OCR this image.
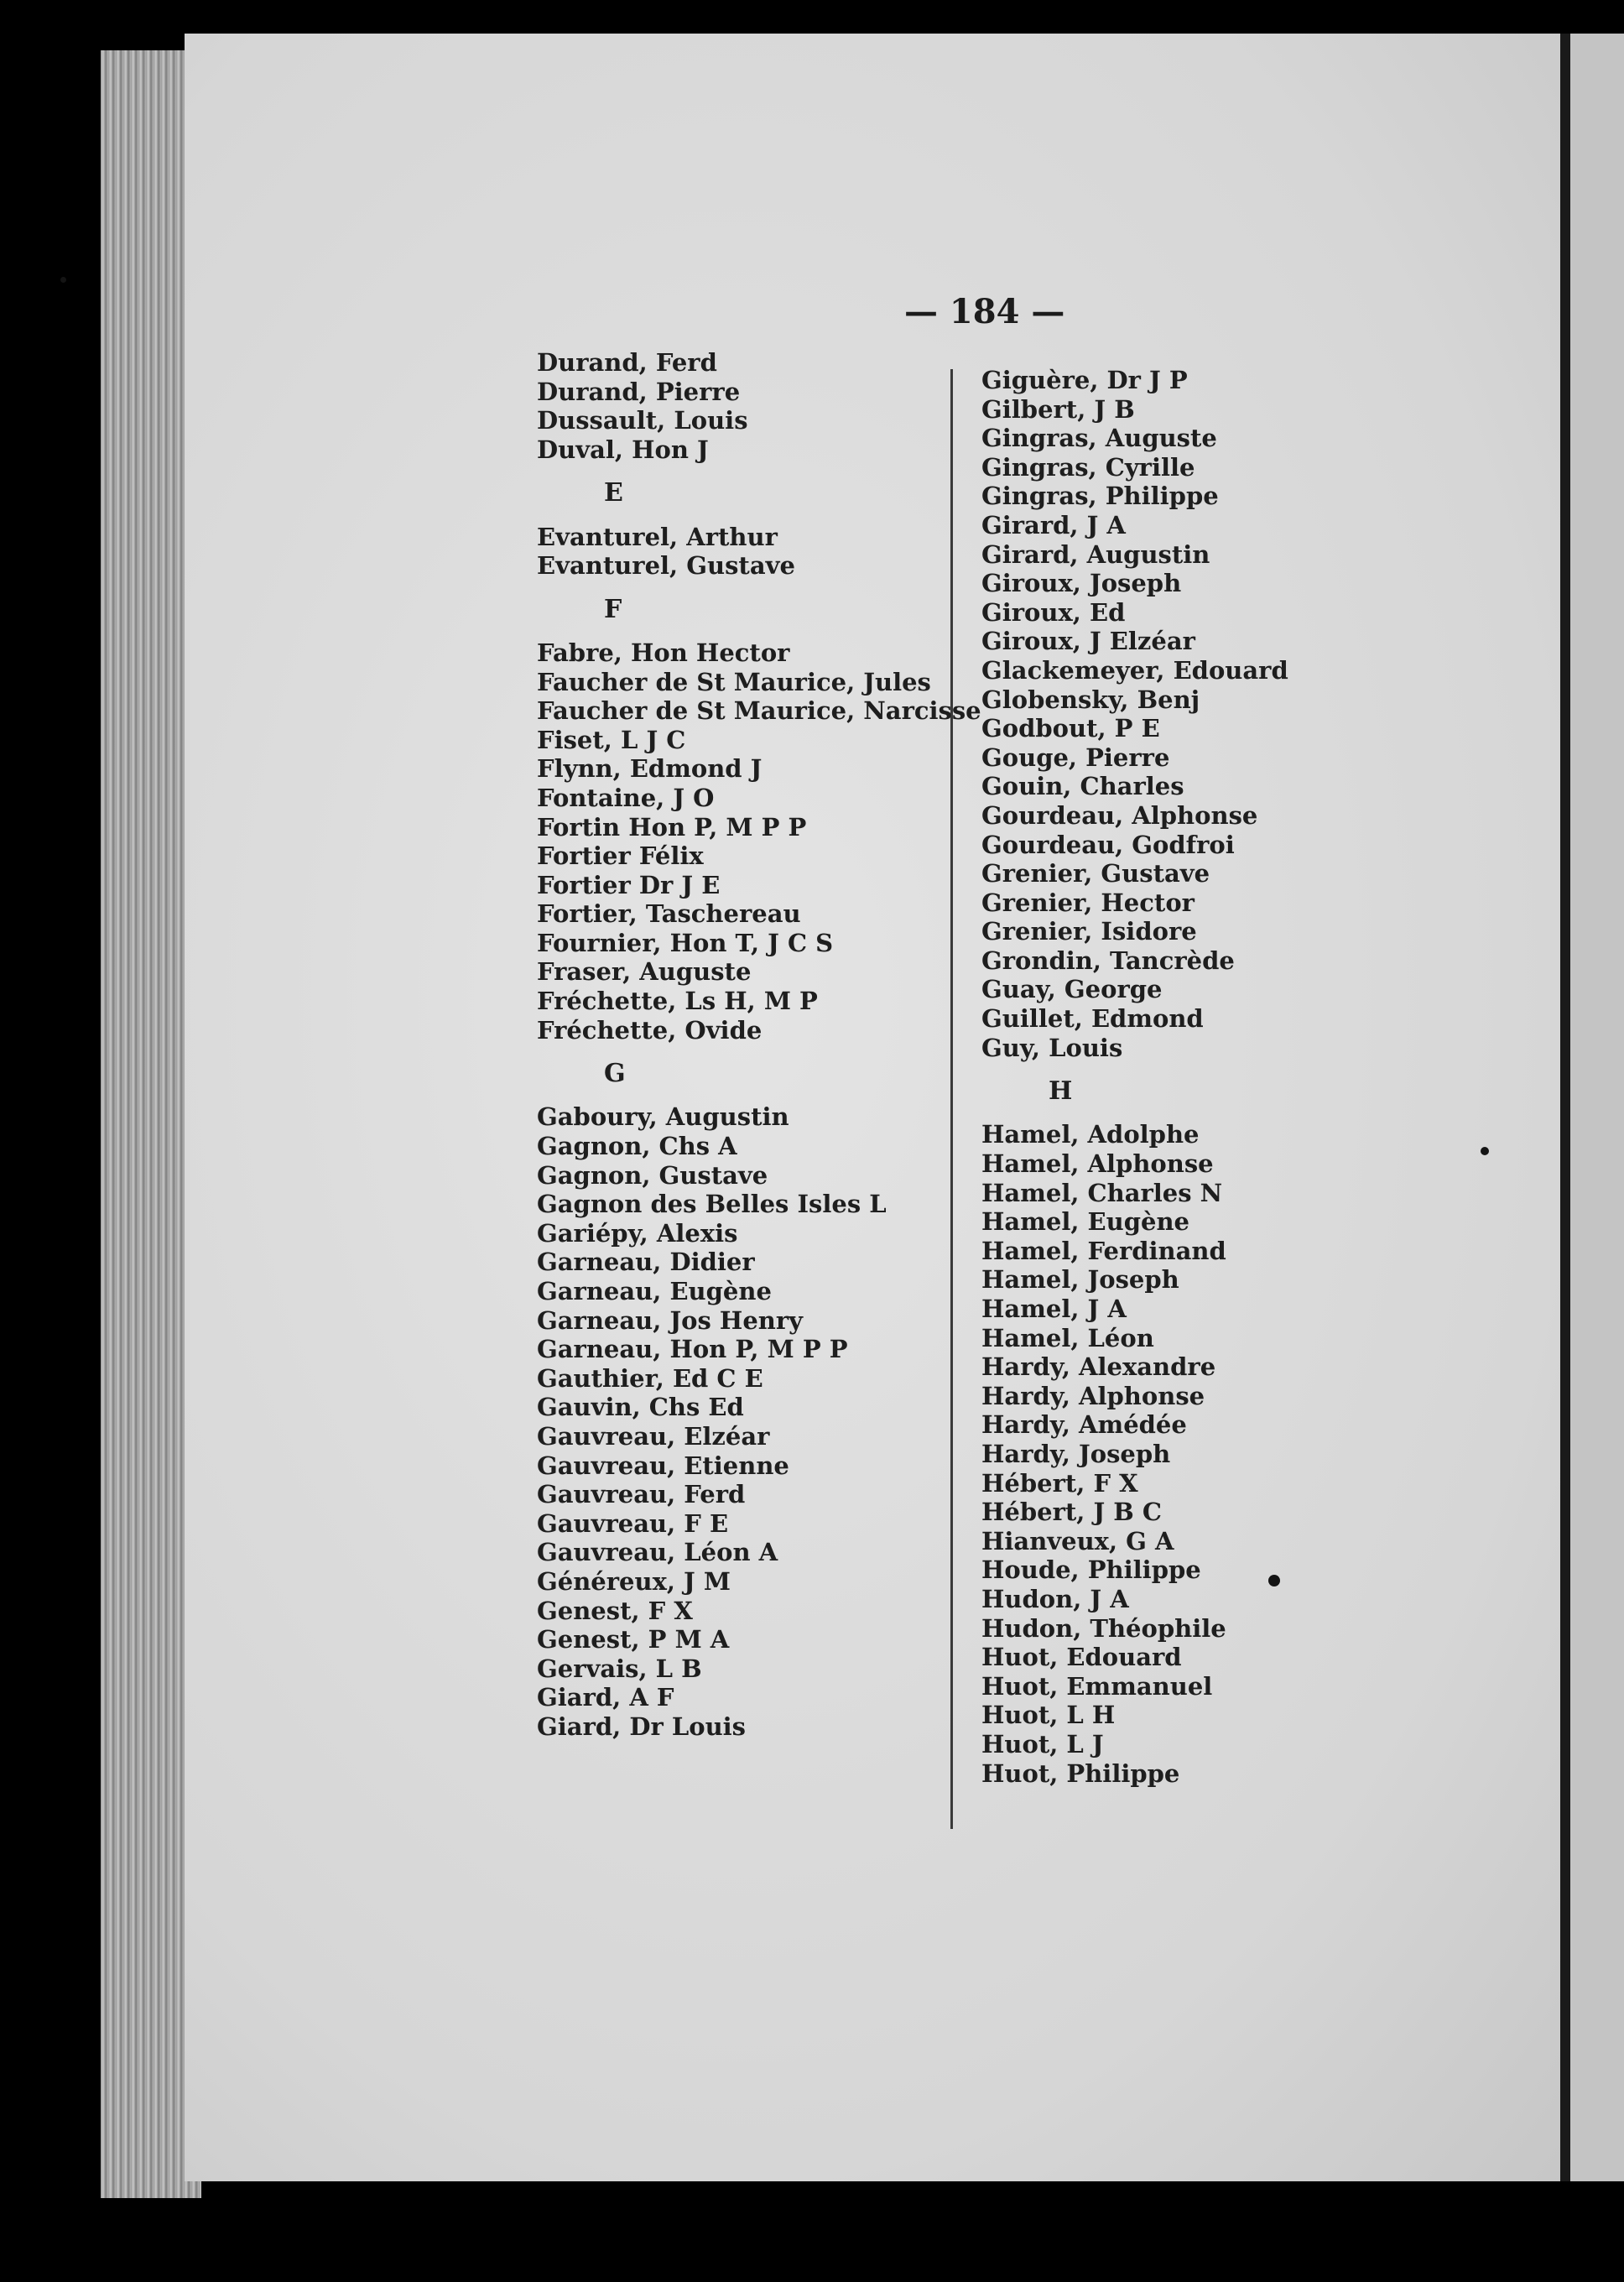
— 184 —
Durand, Ferd
Durand, Pierre
Dussault, Louis
Duval, Hon J
E
Evanturel, Arthur
Evanturel, Gustave
F
Fabre, Hon Hector
Faucher de St Maurice, Jules
Faucher de St Maurice, Narcisse
Fiset, L J C
Flynn, Edmond J
Fontaine, J O
Fortin Hon P, M P P
Fortier Félix
Fortier Dr J E
Fortier, Taschereau
Fournier, Hon T, J C S
Fraser, Auguste
Fréchette, Ls H, M P
Fréchette, Ovide
G
Gaboury, Augustin
Gagnon, Chs A
Gagnon, Gustave
Gagnon des Belles Isles L
Gariépy, Alexis
Garneau, Didier
Garneau, Eugène
Garneau, Jos Henry
Garneau, Hon P, M P P
Gauthier, Ed C E
Gauvin, Chs Ed
Gauvreau, Elzéar
Gauvreau, Etienne
Gauvreau, Ferd
Gauvreau, F E
Gauvreau, Léon A
Généreux, J M
Genest, F X
Genest, P M A
Gervais, L B
Giard, A F
Giard, Dr Louis
Giguère, Dr J P
Gilbert, J B
Gingras, Auguste
Gingras, Cyrille
Gingras, Philippe
Girard, J A
Girard, Augustin
Giroux, Joseph
Giroux, Ed
Giroux, J Elzéar
Glackemeyer, Edouard
Globensky, Benj
Godbout, P E
Gouge, Pierre
Gouin, Charles
Gourdeau, Alphonse
Gourdeau, Godfroi
Grenier, Gustave
Grenier, Hector
Grenier, Isidore
Grondin, Tancrède
Guay, George
Guillet, Edmond
Guy, Louis
H
Hamel, Adolphe
Hamel, Alphonse
Hamel, Charles N
Hamel, Eugène
Hamel, Ferdinand
Hamel, Joseph
Hamel, J A
Hamel, Léon
Hardy, Alexandre
Hardy, Alphonse
Hardy, Amédée
Hardy, Joseph
Hébert, F X
Hébert, J B C
Hianveux, G A
Houde, Philippe
Hudon, J A
Hudon, Théophile
Huot, Edouard
Huot, Emmanuel
Huot, L H
Huot, L J
Huot, Philippe
